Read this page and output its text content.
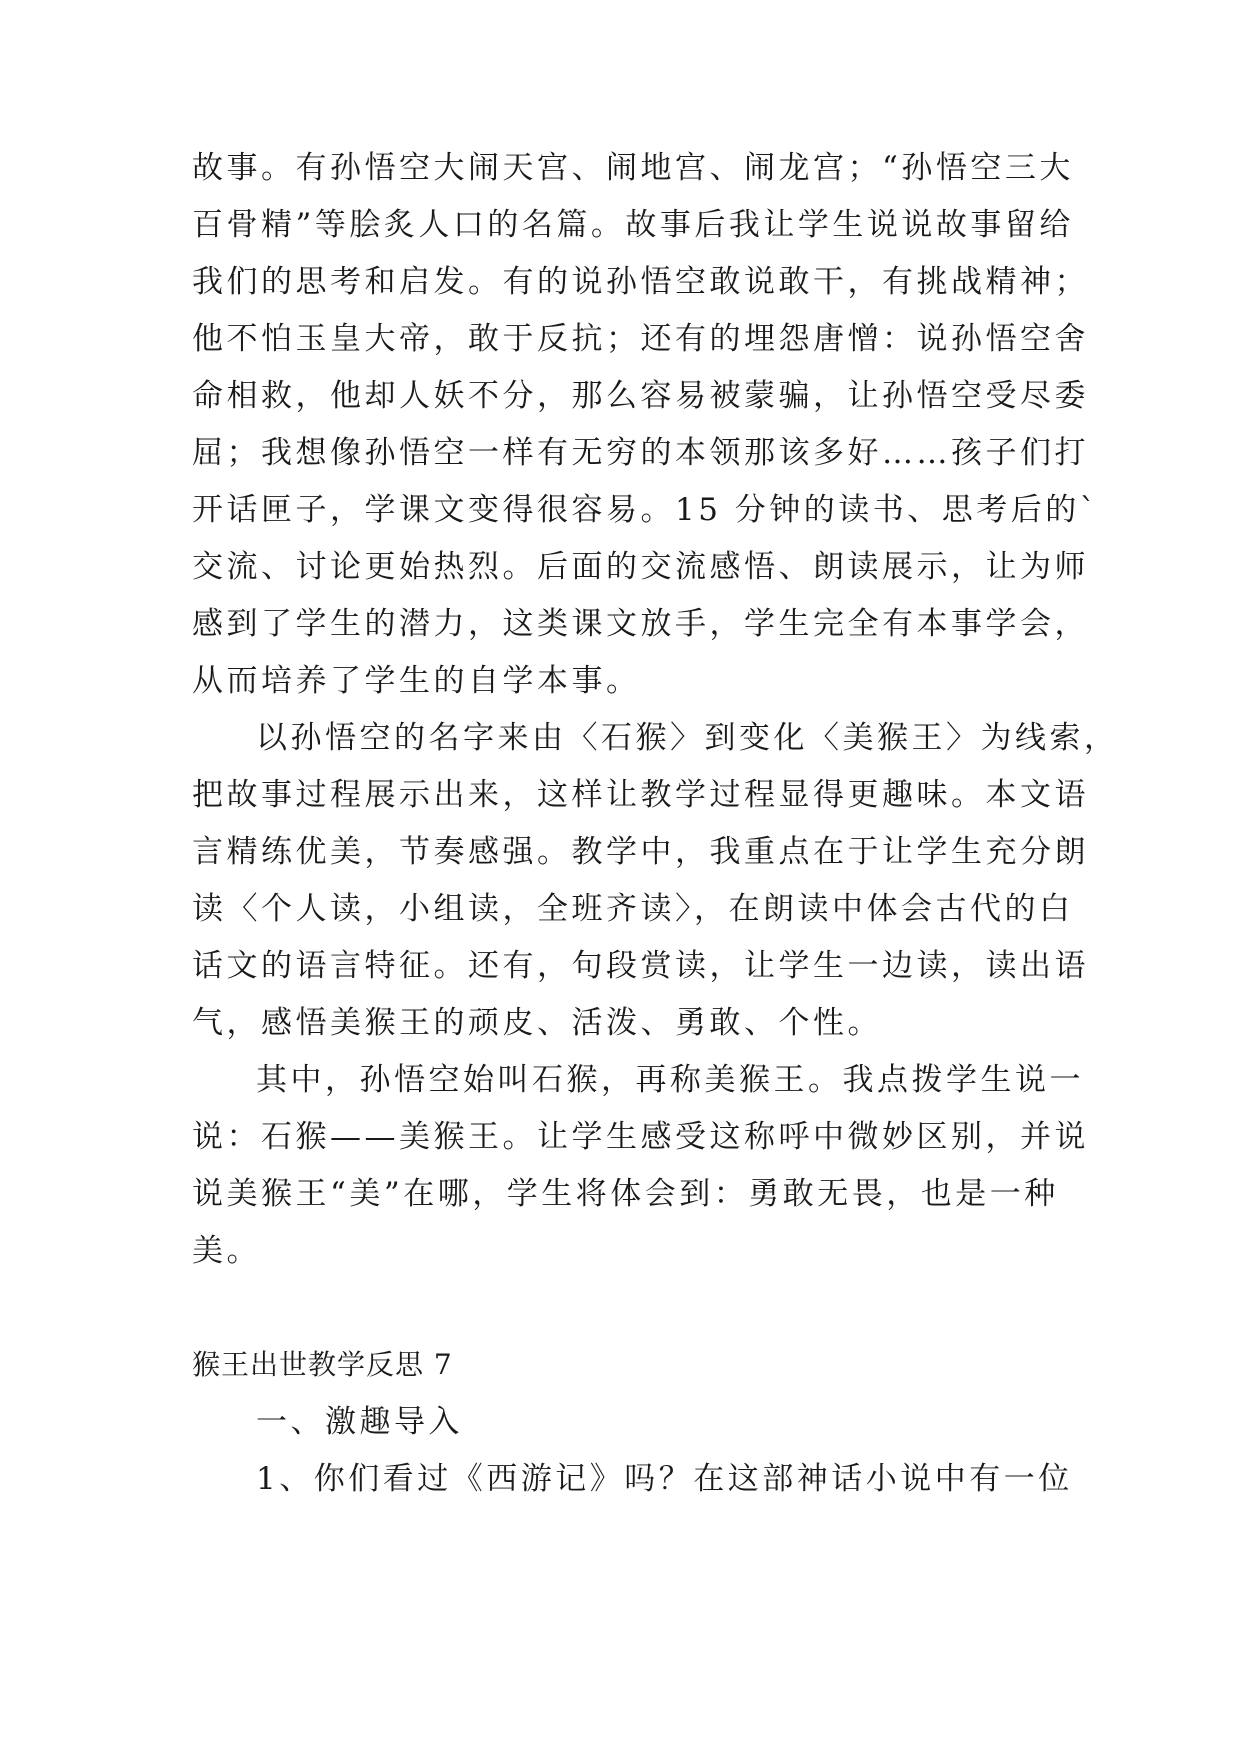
故事。有孙悟空大闹天宫、闹地宫、闹龙宫；“孙悟空三大
百骨精”等脍炙人口的名篇。故事后我让学生说说故事留给
我们的思考和启发。有的说孙悟空敢说敢干，有挑战精神；
他不怕玉皇大帝，敢于反抗；还有的埋怨唐憎：说孙悟空舍
命相救，他却人妖不分，那么容易被蒙骗，让孙悟空受尽委
屈；我想像孙悟空一样有无穷的本领那该多好……孩子们打
开话匣子，学课文变得很容易。15 分钟的读书、思考后的`
交流、讨论更始热烈。后面的交流感悟、朗读展示，让为师
感到了学生的潜力，这类课文放手，学生完全有本事学会，
从而培养了学生的自学本事。
以孙悟空的名字来由〈石猴〉到变化〈美猴王〉为线索，
把故事过程展示出来，这样让教学过程显得更趣味。本文语
言精练优美，节奏感强。教学中，我重点在于让学生充分朗
读〈个人读，小组读，全班齐读〉，在朗读中体会古代的白
话文的语言特征。还有，句段赏读，让学生一边读，读出语
气，感悟美猴王的顽皮、活泼、勇敢、个性。
其中，孙悟空始叫石猴，再称美猴王。我点拨学生说一
说：石猴——美猴王。让学生感受这称呼中微妙区别，并说
说美猴王“美”在哪，学生将体会到：勇敢无畏，也是一种
美。
猴王出世教学反思 7
一、激趣导入
1、你们看过《西游记》吗？在这部神话小说中有一位
